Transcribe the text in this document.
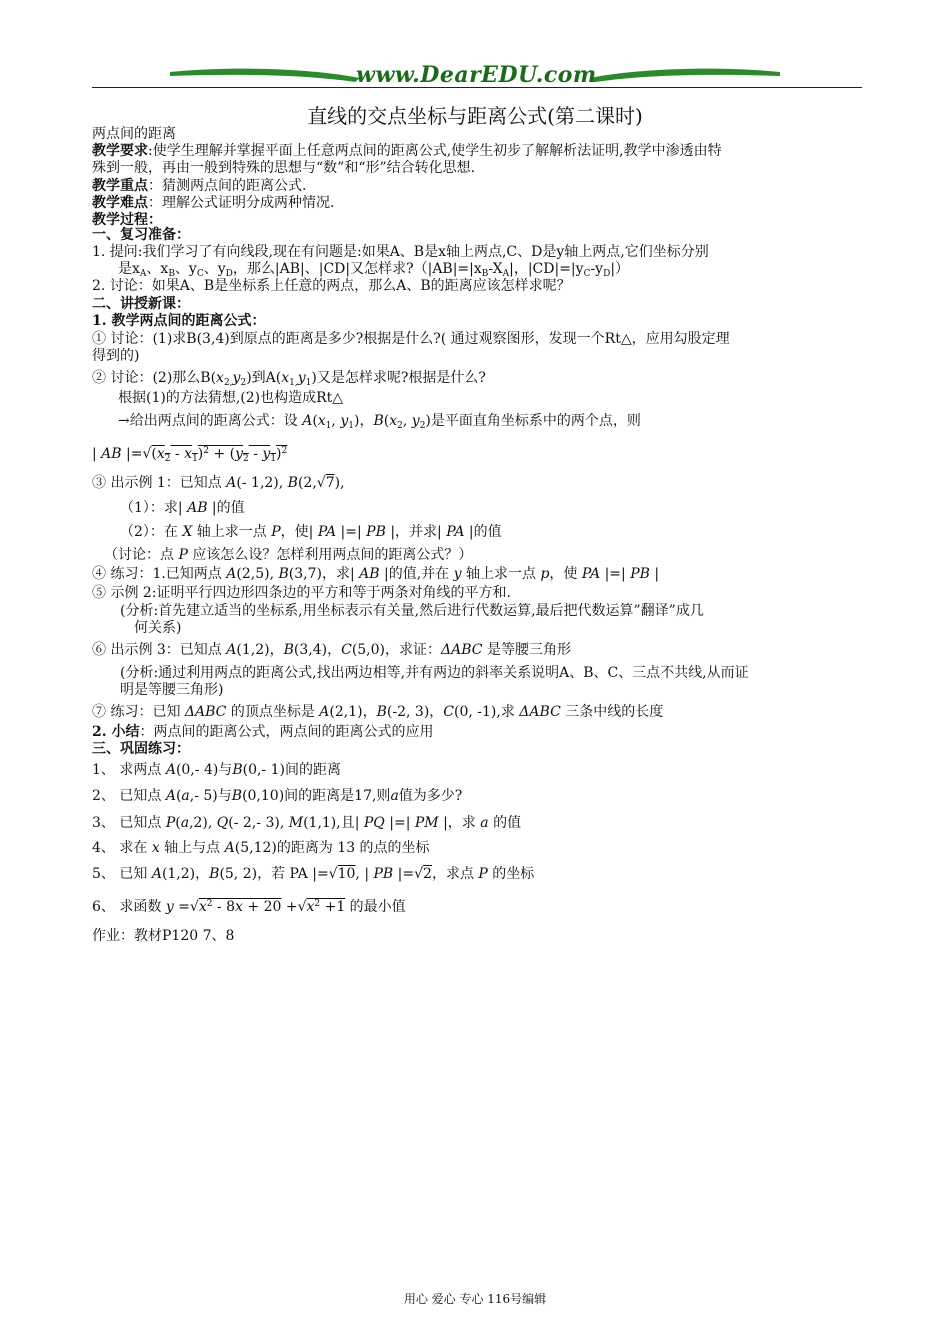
www.DearEDU.com
直线的交点坐标与距离公式(第二课时)
两点间的距离
教学要求:使学生理解并掌握平面上任意两点间的距离公式,使学生初步了解解析法证明,教学中渗透由特
殊到一般，再由一般到特殊的思想与“数”和“形”结合转化思想.
教学重点：猜测两点间的距离公式.
教学难点：理解公式证明分成两种情况.
教学过程：
一、复习准备：
1. 提问:我们学习了有向线段,现在有问题是:如果A、B是x轴上两点,C、D是y轴上两点,它们坐标分别
是$x_A$、$x_B$、$y_C$、$y_D$，那么|AB|、|CD|又怎样求$?(|AB|=|x_B-X_A|$，$|CD|=|y_C-y_D|$）
2. 讨论：如果A、B是坐标系上任意的两点，那么A、B的距离应该怎样求呢？
二、讲授新课：
1. 教学两点间的距离公式：
① 讨论：(1)求B(3,4)到原点的距离是多少?根据是什么?( 通过观察图形，发现一个Rt△，应用勾股定理
得到的)
② 讨论：(2)那么$B(x_{2,}y_2)$到$A(x_{1,}y_1)$又是怎样求呢?根据是什么?
根据(1)的方法猜想,(2)也构造成Rt△
→给出两点间的距离公式：设 $A(x_1$, $y_1$)，$B(x_2$, $y_2$)是平面直角坐标系中的两个点，则
| AB $|=√(\overline{x}_2 - \overline{x}_1)^2 + (\overline{y}_2 - \overline{y}_1)^2$
③ 出示例 1：已知点 A(- 1,2), B(2,√7),
（1）：求| AB |的值
（2）：在 X 轴上求一点 P，使| PA |=| PB |，并求| PA |的值
（讨论：点 P 应该怎么设？怎样利用两点间的距离公式？）
④ 练习：1.已知两点 A(2,5), B(3,7)，求| AB |的值,并在 y 轴上求一点 p，使 PA |=| PB |
⑤ 示例 2:证明平行四边形四条边的平方和等于两条对角线的平方和.
(分析:首先建立适当的坐标系,用坐标表示有关量,然后进行代数运算,最后把代数运算”翻译”成几
何关系)
⑥ 出示例 3：已知点 A(1,2)，B(3,4)，C(5,0)，求证：ΔABC 是等腰三角形
(分析:通过利用两点的距离公式,找出两边相等,并有两边的斜率关系说明A、B、C、三点不共线,从而证
明是等腰三角形)
⑦ 练习：已知 ΔABC 的顶点坐标是 A(2,1)，B(-2, 3)，C(0, -1),求 ΔABC 三条中线的长度
2. 小结：两点间的距离公式，两点间的距离公式的应用
三、巩固练习：
1、 求两点 A(0,- 4)与B(0,- 1)间的距离
2、 已知点 A(a,- 5)与B(0,10)间的距离是17,则a值为多少?
3、 已知点 P(a,2), Q(- 2,- 3), M(1,1),且| PQ |=| PM |，求 a 的值
4、 求在 x 轴上与点 A(5,12)的距离为 13 的点的坐标
5、 已知 A(1,2)，B(5, 2)，若 PA |=√10, | PB |=√2，求点 P 的坐标
6、 求函数 $y =√x^2 - 8\overline{x} + 20 +√x^2 +1$ 的最小值
作业：教材P120 7、8
用心 爱心 专心 116号编辑
